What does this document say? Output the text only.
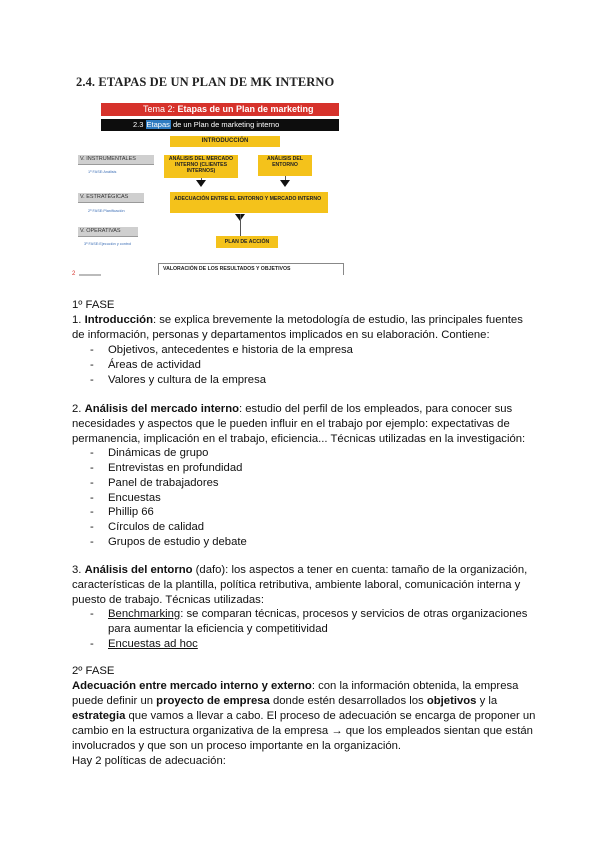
2.4. ETAPAS DE UN PLAN DE MK INTERNO
Tema 2: Etapas de un Plan de marketing
2.3 Etapas de un Plan de marketing interno
INTRODUCCIÓN
V. INSTRUMENTALES
1º FASE:Análisis
ANÁLISIS DEL MERCADO INTERNO (CLIENTES INTERNOS)
ANÁLISIS DEL ENTORNO
V. ESTRATÉGICAS
2º FASE:Planificación
ADECUACIÓN ENTRE EL ENTORNO Y MERCADO INTERNO
V. OPERATIVAS
3º FASE:Ejecución y control	PLAN DE ACCIÓN
VALORACIÓN DE LOS RESULTADOS Y OBJETIVOS
2
1º FASE
1. Introducción: se explica brevemente la metodología de estudio, las principales fuentes
de información, personas y departamentos implicados en su elaboración. Contiene:
- Objetivos, antecedentes e historia de la empresa
- Áreas de actividad
- Valores y cultura de la empresa
2. Análisis del mercado interno: estudio del perfil de los empleados, para conocer sus
necesidades y aspectos que le pueden influir en el trabajo por ejemplo: expectativas de
permanencia, implicación en el trabajo, eficiencia... Técnicas utilizadas en la investigación:
- Dinámicas de grupo
- Entrevistas en profundidad
- Panel de trabajadores
- Encuestas
- Phillip 66
- Círculos de calidad
- Grupos de estudio y debate
3. Análisis del entorno (dafo): los aspectos a tener en cuenta: tamaño de la organización,
características de la plantilla, política retributiva, ambiente laboral, comunicación interna y
puesto de trabajo. Técnicas utilizadas:
- Benchmarking: se comparan técnicas, procesos y servicios de otras organizaciones
para aumentar la eficiencia y competitividad
- Encuestas ad hoc
2º FASE
Adecuación entre mercado interno y externo: con la información obtenida, la empresa
puede definir un proyecto de empresa donde estén desarrollados los objetivos y la
estrategia que vamos a llevar a cabo. El proceso de adecuación se encarga de proponer un
cambio en la estructura organizativa de la empresa → que los empleados sientan que están
involucrados y que son un proceso importante en la organización.
Hay 2 políticas de adecuación:
